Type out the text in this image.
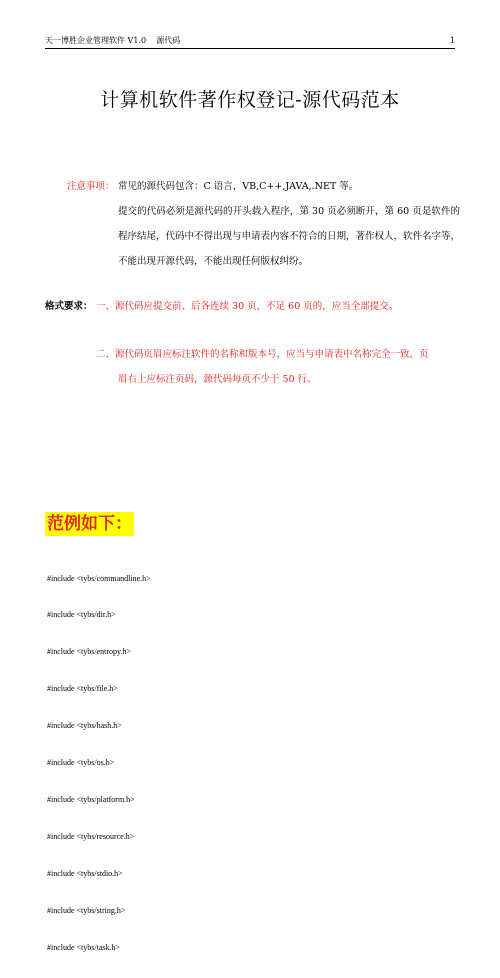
天一博胜企业管理软件 V1.0    源代码	1
计算机软件著作权登记-源代码范本
注意事项： 常见的源代码包含：C 语言，VB,C++,JAVA,.NET 等。
提交的代码必须是源代码的开头载入程序，第 30 页必须断开，第 60 页是软件的程序结尾，代码中不得出现与申请表内容不符合的日期，著作权人，软件名字等，不能出现开源代码，不能出现任何版权纠纷。
格式要求： 一、源代码应提交前、后各连续 30 页，不足 60 页的，应当全部提交。
二、源代码页眉应标注软件的名称和版本号，应当与申请表中名称完全一致，页
眉右上应标注页码，源代码每页不少于 50 行。
范例如下：

#include <tybs/commandline.h>

#include <tybs/dir.h>

#include <tybs/entropy.h>

#include <tybs/file.h>

#include <tybs/hash.h>

#include <tybs/os.h>

#include <tybs/platform.h>

#include <tybs/resource.h>

#include <tybs/stdio.h>

#include <tybs/string.h>

#include <tybs/task.h>
